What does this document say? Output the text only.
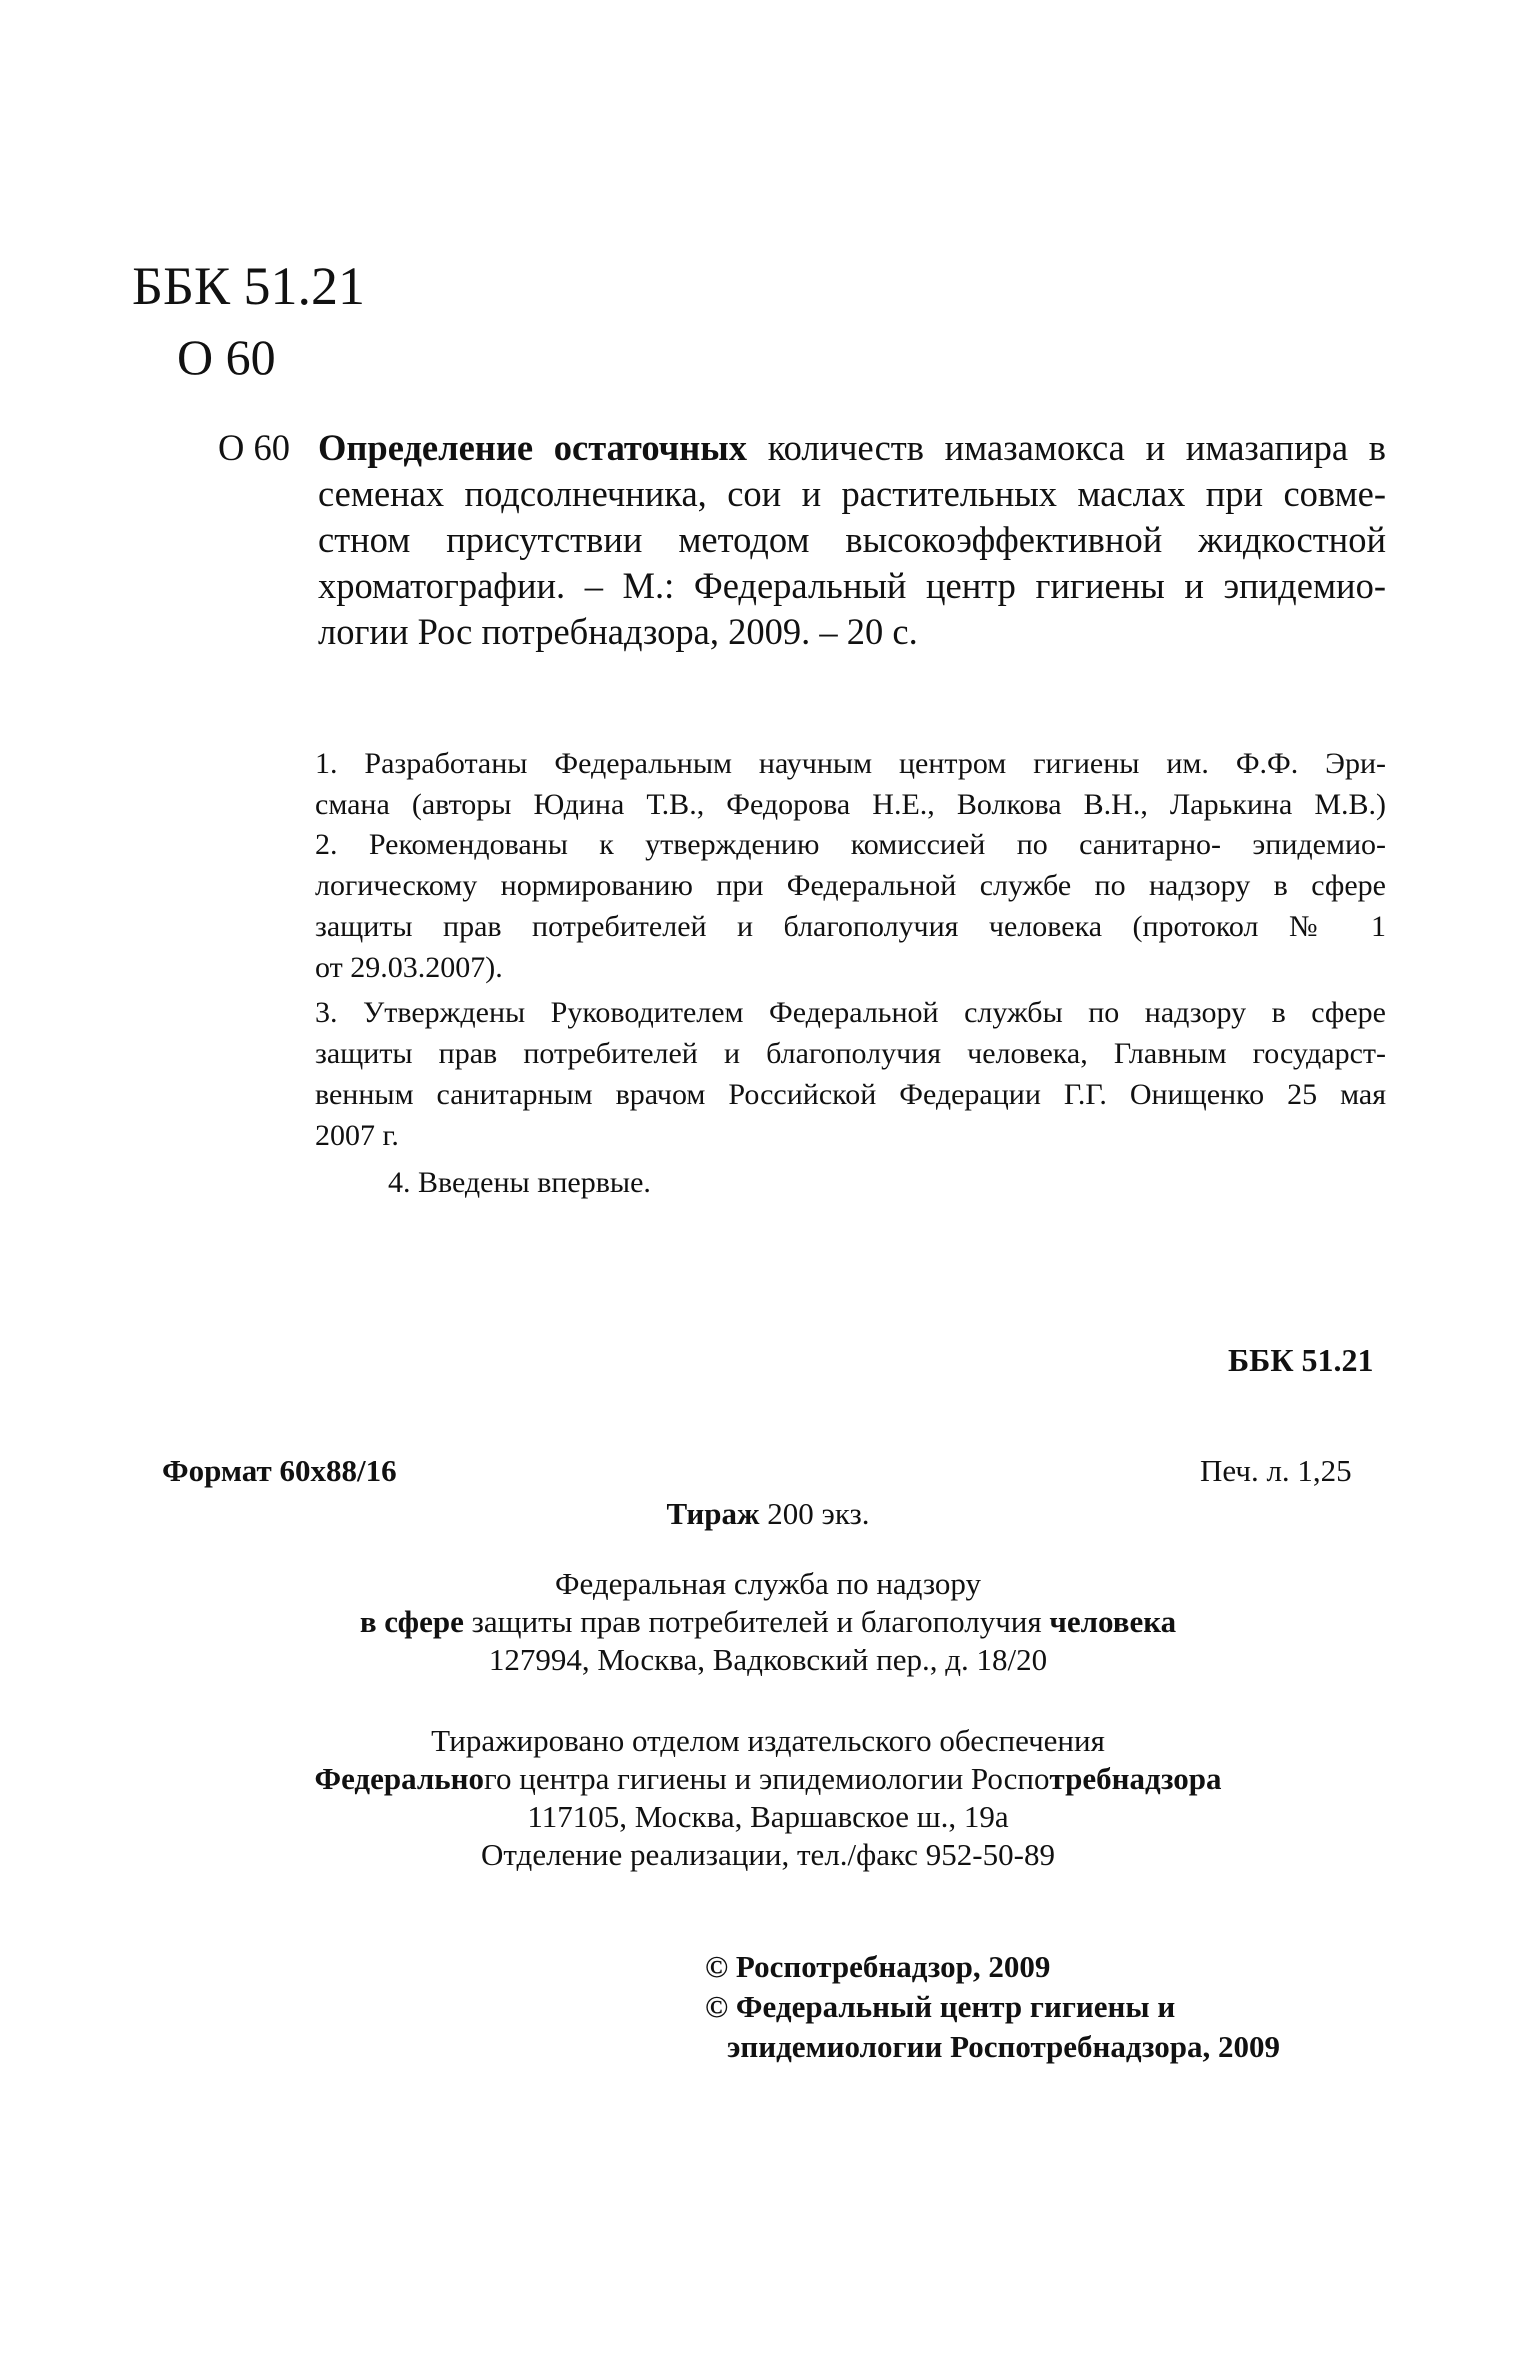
ББК 51.21
О 60
О 60 Определение остаточных количеств имазамокса и имазапира в
семенах подсолнечника, сои и растительных маслах при совме-
стном присутствии методом высокоэффективной жидкостной
хроматографии. – М.: Федеральный центр гигиены и эпидемио-
логии Рос потребнадзора, 2009. – 20 с.
1. Разработаны Федеральным научным центром гигиены им. Ф.Ф. Эри-
смана (авторы Юдина Т.В., Федорова Н.Е., Волкова В.Н., Ларькина М.В.)
2. Рекомендованы к утверждению комиссией по санитарно- эпидемио-
логическому нормированию при Федеральной службе по надзору в сфере
защиты прав потребителей и благополучия человека (протокол № 1
от 29.03.2007).
3. Утверждены Руководителем Федеральной службы по надзору в сфере
защиты прав потребителей и благополучия человека, Главным государст-
венным санитарным врачом Российской Федерации Г.Г. Онищенко 25 мая
2007 г.
4. Введены впервые.
ББК 51.21
Формат 60x88/16	Печ. л. 1,25
Тираж 200 экз.
Федеральная служба по надзору
в сфере защиты прав потребителей и благополучия человека
127994, Москва, Вадковский пер., д. 18/20
Тиражировано отделом издательского обеспечения
Федерального центра гигиены и эпидемиологии Роспотребнадзора
117105, Москва, Варшавское ш., 19а
Отделение реализации, тел./факс 952-50-89
© Роспотребнадзор, 2009
© Федеральный центр гигиены и
эпидемиологии Роспотребнадзора, 2009
